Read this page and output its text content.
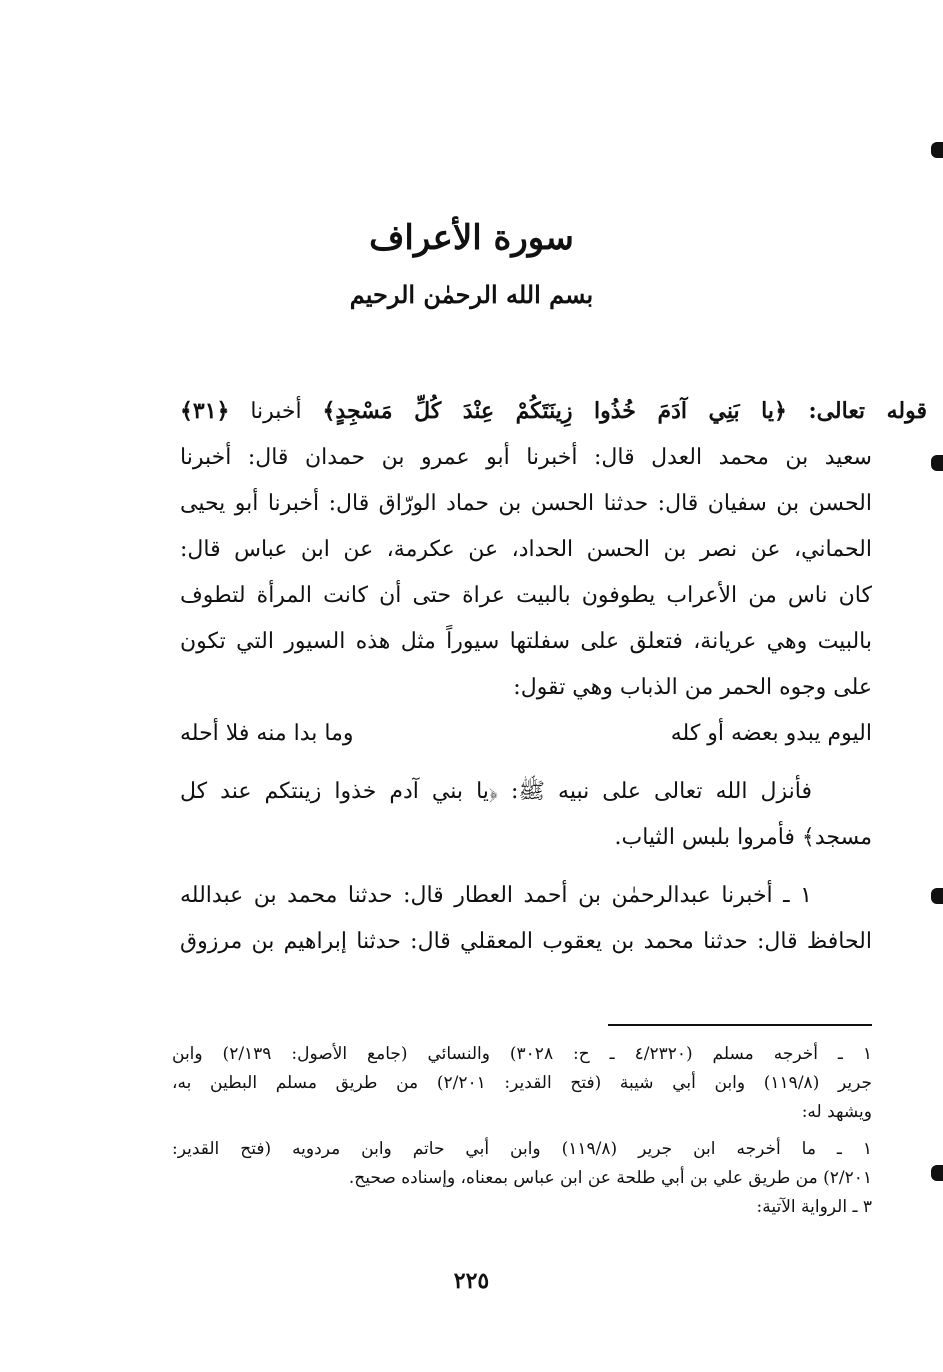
سورة الأعراف
بسم الله الرحمٰن الرحيم
قوله تعالى: ﴿يا بَنِي آدَمَ خُذُوا زِينَتَكُمْ عِنْدَ كُلِّ مَسْجِدٍ﴾ أخبرنا ﴿٣١﴾
سعيد بن محمد العدل قال: أخبرنا أبو عمرو بن حمدان قال: أخبرنا
الحسن بن سفيان قال: حدثنا الحسن بن حماد الورّاق قال: أخبرنا أبو يحيى
الحماني، عن نصر بن الحسن الحداد، عن عكرمة، عن ابن عباس قال:
كان ناس من الأعراب يطوفون بالبيت عراة حتى أن كانت المرأة لتطوف
بالبيت وهي عريانة، فتعلق على سفلتها سيوراً مثل هذه السيور التي تكون
على وجوه الحمر من الذباب وهي تقول:
اليوم يبدو بعضه أو كله
وما بدا منه فلا أحله
فأنزل الله تعالى على نبيه ﷺ: ﴿يا بني آدم خذوا زينتكم عند كل
مسجد﴾ فأمروا بلبس الثياب.
١ ـ أخبرنا عبدالرحمٰن بن أحمد العطار قال: حدثنا محمد بن عبدالله
الحافظ قال: حدثنا محمد بن يعقوب المعقلي قال: حدثنا إبراهيم بن مرزوق
١ ـ أخرجه مسلم (٤/٢٣٢٠ ـ ح: ٣٠٢٨) والنسائي (جامع الأصول: ٢/١٣٩) وابن
جرير (١١٩/٨) وابن أبي شيبة (فتح القدير: ٢/٢٠١) من طريق مسلم البطين به،
ويشهد له:
١ ـ ما أخرجه ابن جرير (١١٩/٨) وابن أبي حاتم وابن مردويه (فتح القدير:
٢/٢٠١) من طريق علي بن أبي طلحة عن ابن عباس بمعناه، وإسناده صحيح.
٣ ـ الرواية الآتية:
٢٢٥
